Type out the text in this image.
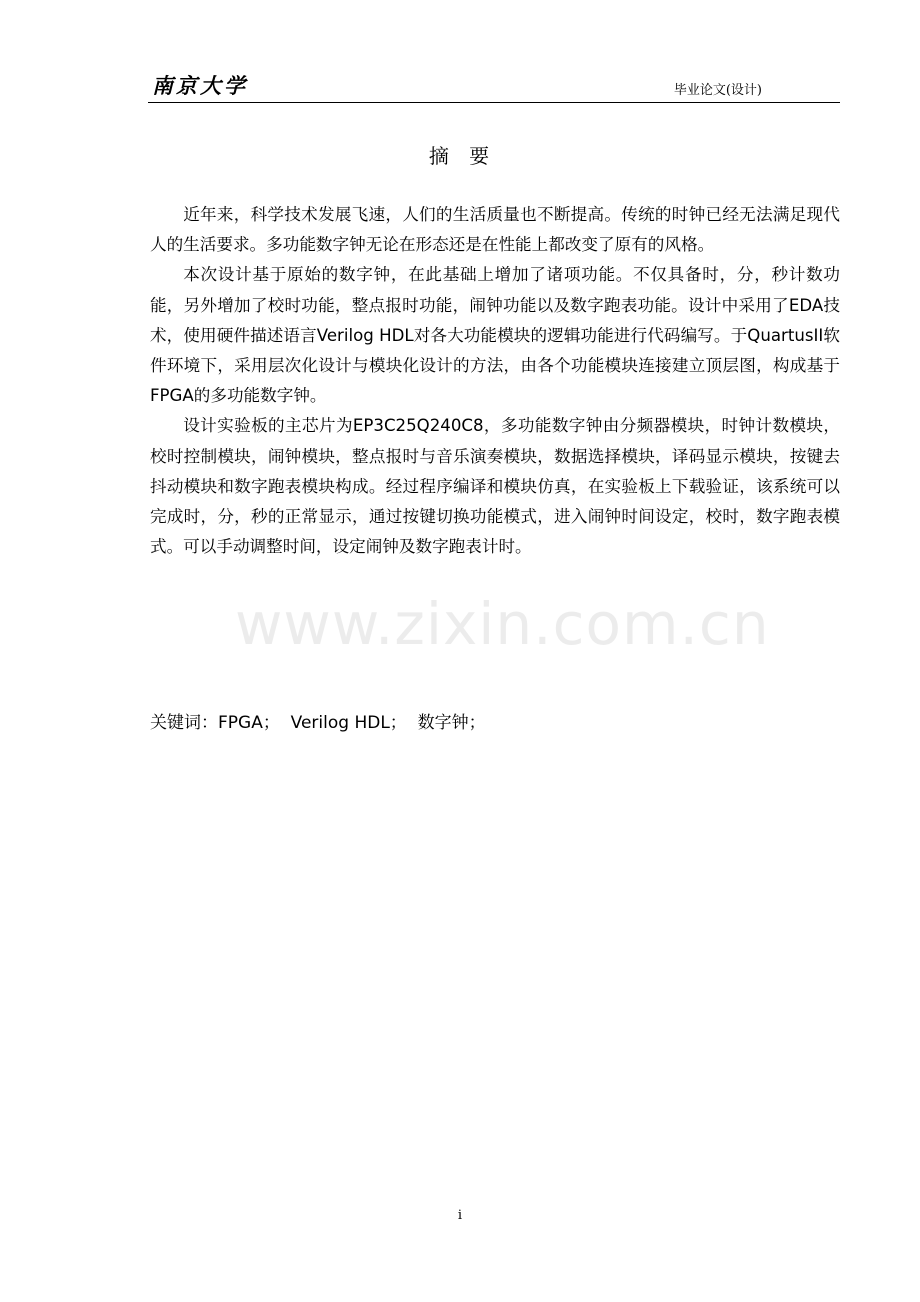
南京大学	毕业论文(设计)
摘 要

近年来，科学技术发展飞速，人们的生活质量也不断提高。传统的时钟已经无法满足现代人的生活要求。多功能数字钟无论在形态还是在性能上都改变了原有的风格。

本次设计基于原始的数字钟，在此基础上增加了诸项功能。不仅具备时，分，秒计数功能，另外增加了校时功能，整点报时功能，闹钟功能以及数字跑表功能。设计中采用了EDA技术，使用硬件描述语言Verilog HDL对各大功能模块的逻辑功能进行代码编写。于QuartusII软件环境下，采用层次化设计与模块化设计的方法，由各个功能模块连接建立顶层图，构成基于FPGA的多功能数字钟。

设计实验板的主芯片为EP3C25Q240C8，多功能数字钟由分频器模块，时钟计数模块，校时控制模块，闹钟模块，整点报时与音乐演奏模块，数据选择模块，译码显示模块，按键去抖动模块和数字跑表模块构成。经过程序编译和模块仿真，在实验板上下载验证，该系统可以完成时，分，秒的正常显示，通过按键切换功能模式，进入闹钟时间设定，校时，数字跑表模式。可以手动调整时间，设定闹钟及数字跑表计时。

www.zixin.com.cn
关键词：FPGA；  Verilog HDL；  数字钟；
i
